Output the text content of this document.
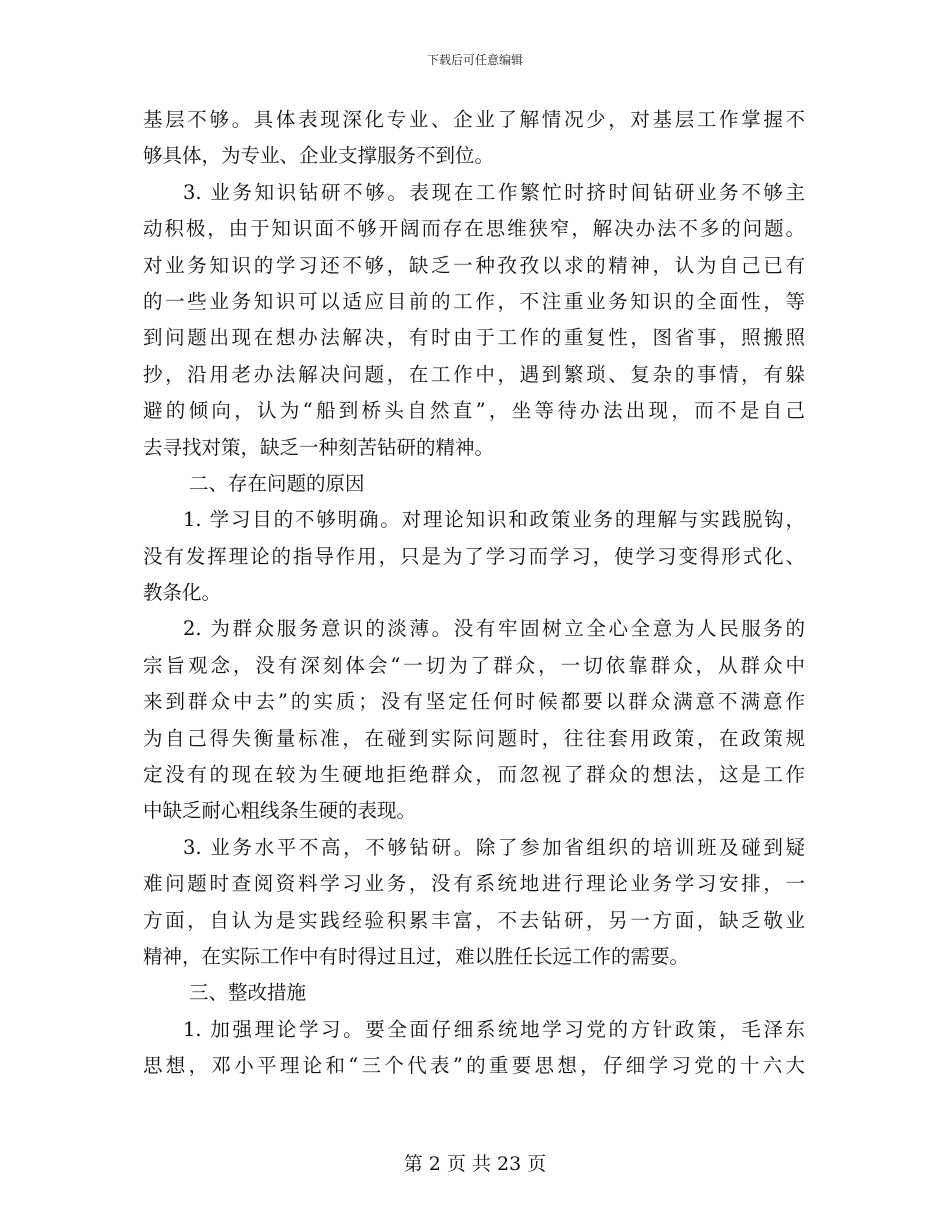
下载后可任意编辑
基层不够。具体表现深化专业、企业了解情况少，对基层工作掌握不
够具体，为专业、企业支撑服务不到位。
3. 业务知识钻研不够。表现在工作繁忙时挤时间钻研业务不够主
动积极，由于知识面不够开阔而存在思维狭窄，解决办法不多的问题。
对业务知识的学习还不够，缺乏一种孜孜以求的精神，认为自己已有
的一些业务知识可以适应目前的工作，不注重业务知识的全面性，等
到问题出现在想办法解决，有时由于工作的重复性，图省事，照搬照
抄，沿用老办法解决问题，在工作中，遇到繁琐、复杂的事情，有躲
避的倾向，认为“船到桥头自然直”，坐等待办法出现，而不是自己
去寻找对策，缺乏一种刻苦钻研的精神。
二、存在问题的原因
1. 学习目的不够明确。对理论知识和政策业务的理解与实践脱钩，
没有发挥理论的指导作用，只是为了学习而学习，使学习变得形式化、
教条化。
2. 为群众服务意识的淡薄。没有牢固树立全心全意为人民服务的
宗旨观念，没有深刻体会“一切为了群众，一切依靠群众，从群众中
来到群众中去”的实质；没有坚定任何时候都要以群众满意不满意作
为自己得失衡量标准，在碰到实际问题时，往往套用政策，在政策规
定没有的现在较为生硬地拒绝群众，而忽视了群众的想法，这是工作
中缺乏耐心粗线条生硬的表现。
3. 业务水平不高，不够钻研。除了参加省组织的培训班及碰到疑
难问题时查阅资料学习业务，没有系统地进行理论业务学习安排，一
方面，自认为是实践经验积累丰富，不去钻研，另一方面，缺乏敬业
精神，在实际工作中有时得过且过，难以胜任长远工作的需要。
三、整改措施
1. 加强理论学习。要全面仔细系统地学习党的方针政策，毛泽东
思想，邓小平理论和“三个代表”的重要思想，仔细学习党的十六大
第 2 页 共 23 页
